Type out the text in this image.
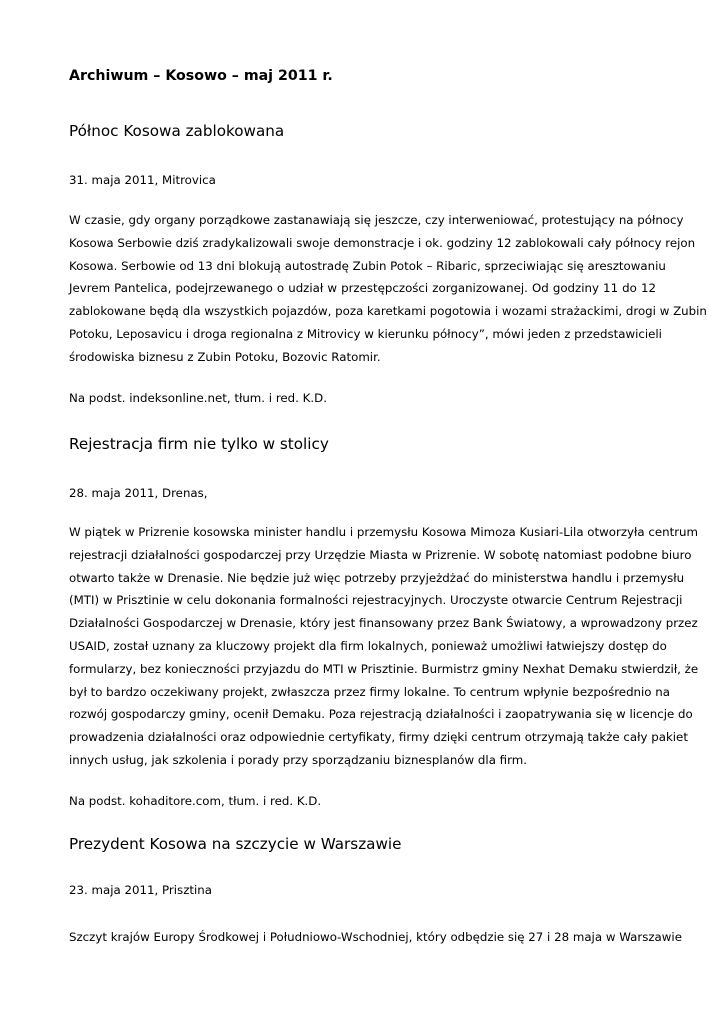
Archiwum – Kosowo – maj 2011 r.
Północ Kosowa zablokowana

31. maja 2011, Mitrovica

W czasie, gdy organy porządkowe zastanawiają się jeszcze, czy interweniować, protestujący na północy
Kosowa Serbowie dziś zradykalizowali swoje demonstracje i ok. godziny 12 zablokowali cały północy rejon
Kosowa. Serbowie od 13 dni blokują autostradę Zubin Potok – Ribaric, sprzeciwiając się aresztowaniu
Jevrem Pantelica, podejrzewanego o udział w przestępczości zorganizowanej. Od godziny 11 do 12
zablokowane będą dla wszystkich pojazdów, poza karetkami pogotowia i wozami strażackimi, drogi w Zubin
Potoku, Leposavicu i droga regionalna z Mitrovicy w kierunku północy”, mówi jeden z przedstawicieli
środowiska biznesu z Zubin Potoku, Bozovic Ratomir.

Na podst. indeksonline.net, tłum. i red. K.D.

Rejestracja firm nie tylko w stolicy

28. maja 2011, Drenas,

W piątek w Prizrenie kosowska minister handlu i przemysłu Kosowa Mimoza Kusiari-Lila otworzyła centrum
rejestracji działalności gospodarczej przy Urzędzie Miasta w Prizrenie. W sobotę natomiast podobne biuro
otwarto także w Drenasie. Nie będzie już więc potrzeby przyjeżdżać do ministerstwa handlu i przemysłu
(MTI) w Prisztinie w celu dokonania formalności rejestracyjnych. Uroczyste otwarcie Centrum Rejestracji
Działalności Gospodarczej w Drenasie, który jest finansowany przez Bank Światowy, a wprowadzony przez
USAID, został uznany za kluczowy projekt dla firm lokalnych, ponieważ umożliwi łatwiejszy dostęp do
formularzy, bez konieczności przyjazdu do MTI w Prisztinie. Burmistrz gminy Nexhat Demaku stwierdził, że
był to bardzo oczekiwany projekt, zwłaszcza przez firmy lokalne. To centrum wpłynie bezpośrednio na
rozwój gospodarczy gminy, ocenił Demaku. Poza rejestracją działalności i zaopatrywania się w licencje do
prowadzenia działalności oraz odpowiednie certyfikaty, firmy dzięki centrum otrzymają także cały pakiet
innych usług, jak szkolenia i porady przy sporządzaniu biznesplanów dla firm.

Na podst. kohaditore.com, tłum. i red. K.D.

Prezydent Kosowa na szczycie w Warszawie

23. maja 2011, Prisztina

Szczyt krajów Europy Środkowej i Południowo-Wschodniej, który odbędzie się 27 i 28 maja w Warszawie
